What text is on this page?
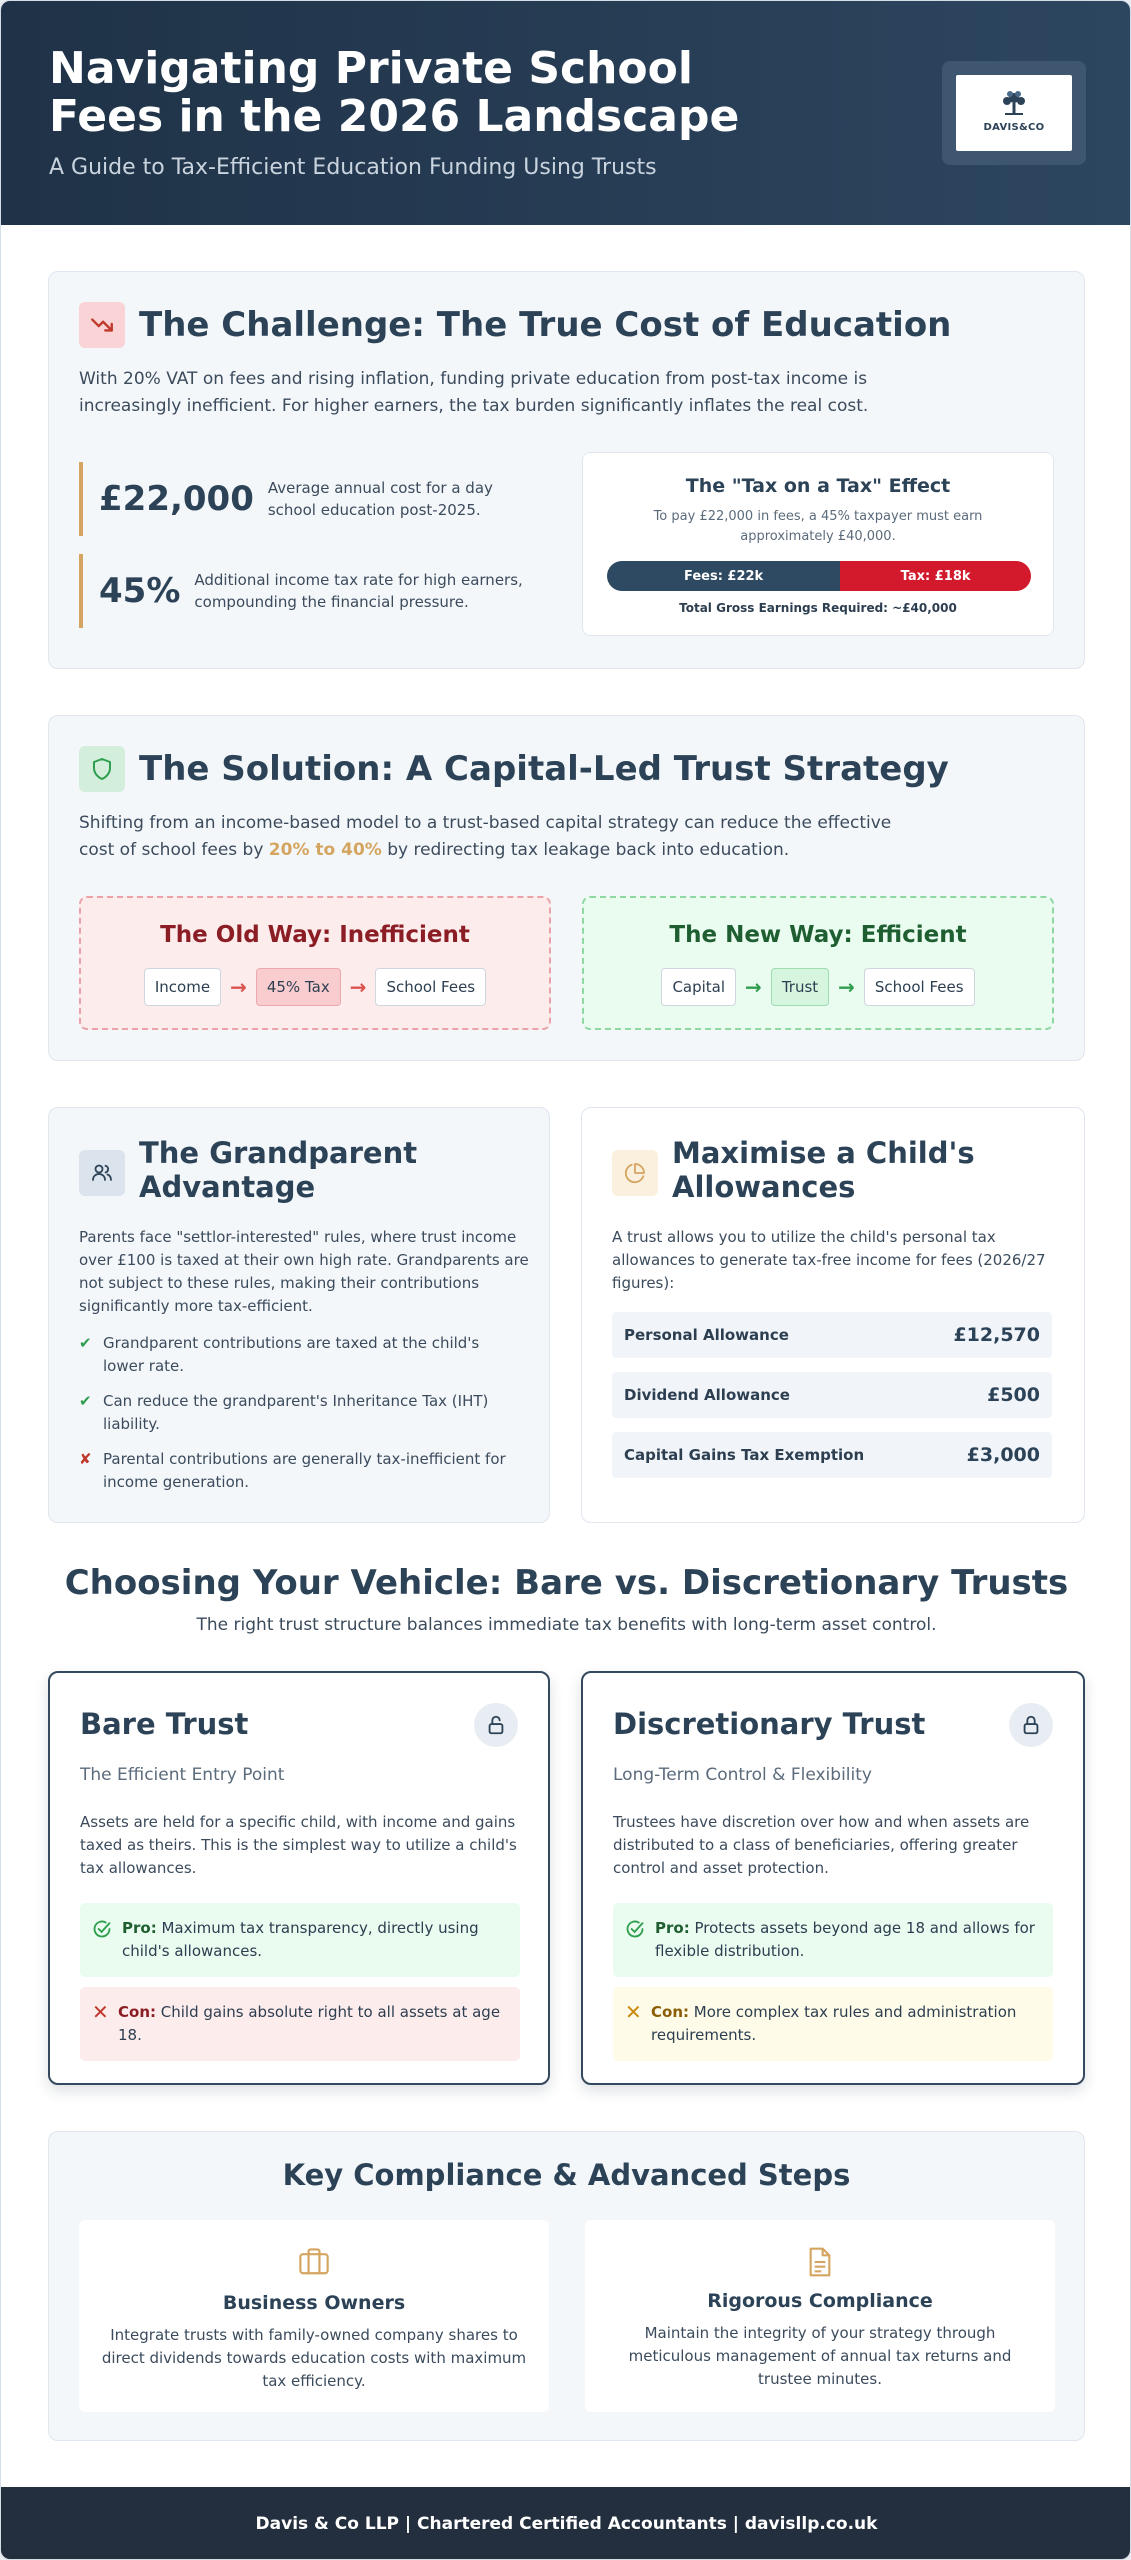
Navigating Private School Fees in the 2026 Landscape
A Guide to Tax-Efficient Education Funding Using Trusts
DAVIS&CO

The Challenge: The True Cost of Education
With 20% VAT on fees and rising inflation, funding private education from post-tax income is increasingly inefficient. For higher earners, the tax burden significantly inflates the real cost.
£22,000 Average annual cost for a day school education post-2025.
45% Additional income tax rate for high earners, compounding the financial pressure.
The "Tax on a Tax" Effect
To pay £22,000 in fees, a 45% taxpayer must earn approximately £40,000.
Fees: £22k	Tax: £18k
Total Gross Earnings Required: ~£40,000
The Solution: A Capital-Led Trust Strategy
Shifting from an income-based model to a trust-based capital strategy can reduce the effective cost of school fees by 20% to 40% by redirecting tax leakage back into education.
The Old Way: Inefficient
Income	→	45% Tax	→	School Fees
The New Way: Efficient
Capital	→	Trust	→	School Fees
The Grandparent Advantage
Parents face "settlor-interested" rules, where trust income over £100 is taxed at their own high rate. Grandparents are not subject to these rules, making their contributions significantly more tax-efficient.
✔ Grandparent contributions are taxed at the child's lower rate.
✔ Can reduce the grandparent's Inheritance Tax (IHT) liability.
✘ Parental contributions are generally tax-inefficient for income generation.
Maximise a Child's Allowances
A trust allows you to utilize the child's personal tax allowances to generate tax-free income for fees (2026/27 figures):
Personal Allowance	£12,570
Dividend Allowance	£500
Capital Gains Tax Exemption	£3,000
Choosing Your Vehicle: Bare vs. Discretionary Trusts
The right trust structure balances immediate tax benefits with long-term asset control.
Bare Trust
The Efficient Entry Point
Assets are held for a specific child, with income and gains taxed as theirs. This is the simplest way to utilize a child's tax allowances.
Pro: Maximum tax transparency, directly using child's allowances.
✕ Con: Child gains absolute right to all assets at age 18.
Discretionary Trust
Long-Term Control & Flexibility
Trustees have discretion over how and when assets are distributed to a class of beneficiaries, offering greater control and asset protection.
Pro: Protects assets beyond age 18 and allows for flexible distribution.
✕ Con: More complex tax rules and administration requirements.
Key Compliance & Advanced Steps
Business Owners
Integrate trusts with family-owned company shares to direct dividends towards education costs with maximum tax efficiency.
Rigorous Compliance
Maintain the integrity of your strategy through meticulous management of annual tax returns and trustee minutes.
Davis & Co LLP | Chartered Certified Accountants | davisllp.co.uk
